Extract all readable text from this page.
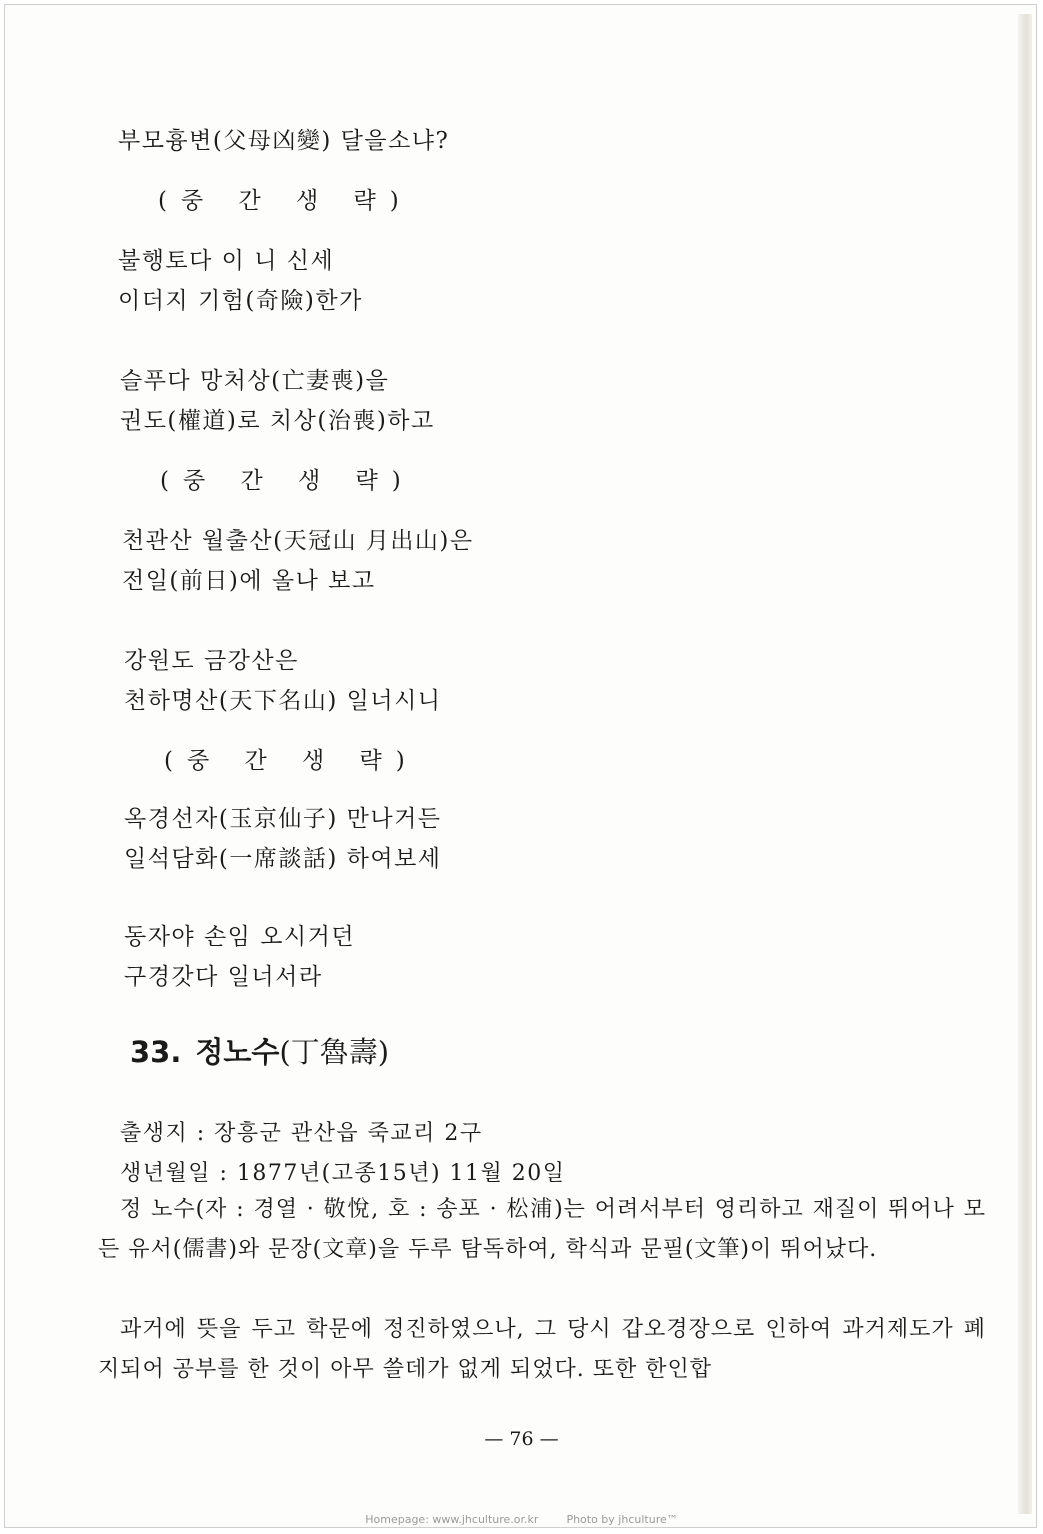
부모흉변(父母凶變) 달을소냐?
(중 간 생 략)
불행토다 이 니 신세
이더지 기험(奇險)한가
슬푸다 망처상(亡妻喪)을
권도(權道)로 치상(治喪)하고
(중 간 생 략)
천관산 월출산(天冠山 月出山)은
전일(前日)에 올나 보고
강원도 금강산은
천하명산(天下名山) 일너시니
(중 간 생 략)
옥경선자(玉京仙子) 만나거든
일석담화(一席談話) 하여보세
동자야 손임 오시거던
구경갓다 일너서라
33. 정노수(丁魯壽)
출생지 : 장흥군 관산읍 죽교리 2구
생년월일 : 1877년(고종15년) 11월 20일
정 노수(자 : 경열 · 敬悅, 호 : 송포 · 松浦)는 어려서부터 영리하고 재질이 뛰어나 모든 유서(儒書)와 문장(文章)을 두루 탐독하여, 학식과 문필(文筆)이 뛰어났다.
과거에 뜻을 두고 학문에 정진하였으나, 그 당시 갑오경장으로 인하여 과거제도가 폐지되어 공부를 한 것이 아무 쓸데가 없게 되었다. 또한 한인합
— 76 —
Homepage: www.jhculture.or.kr	Photo by jhculture™
